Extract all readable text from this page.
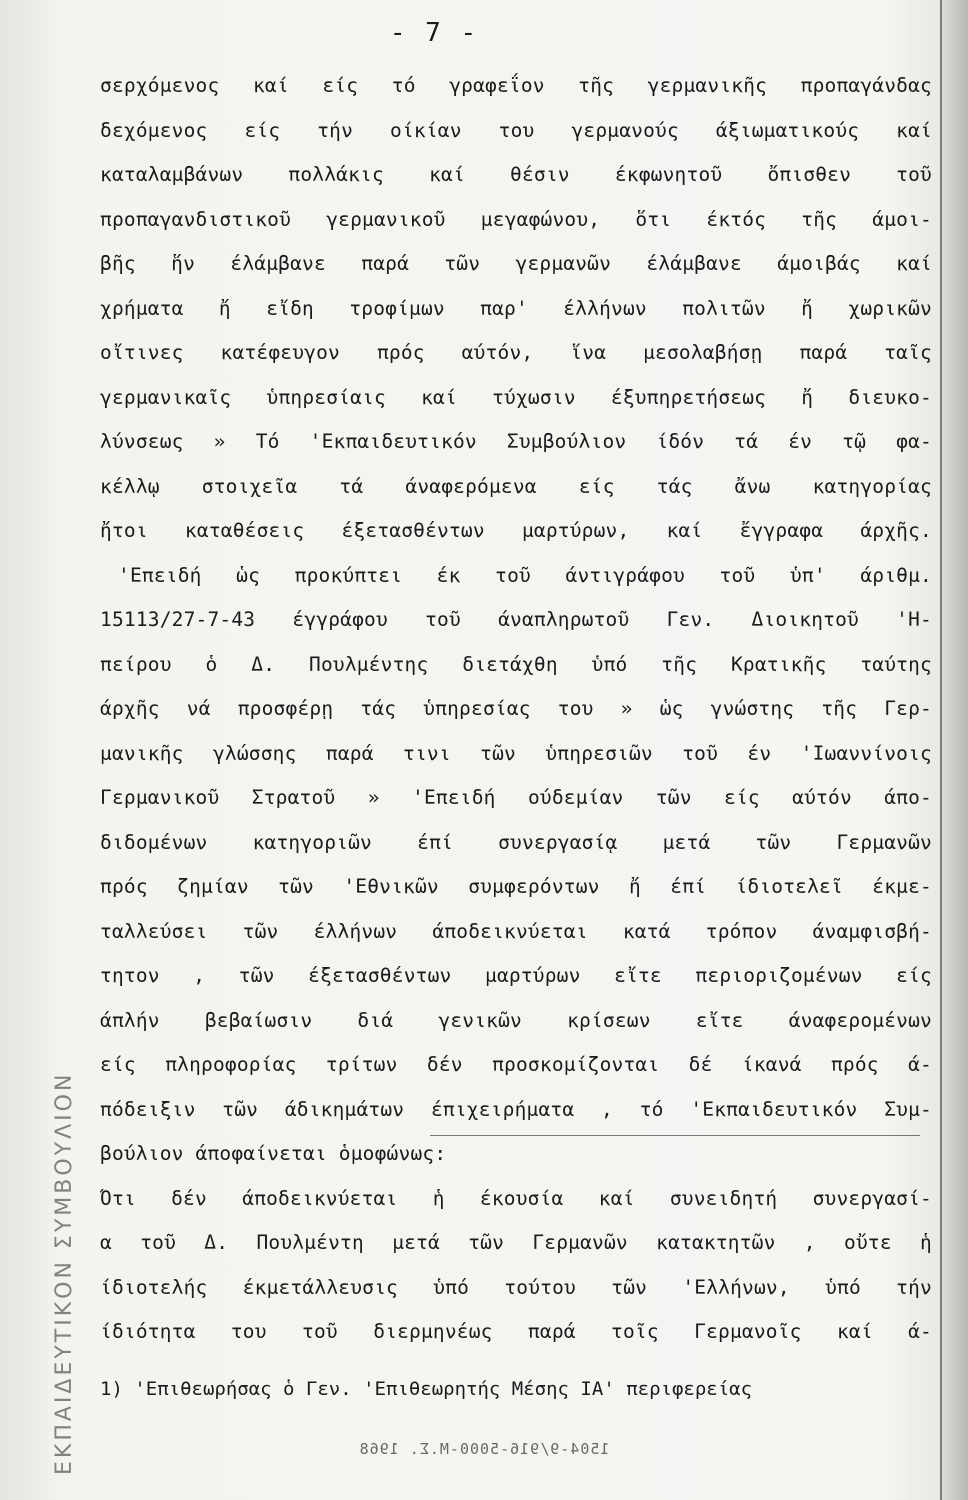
ΕΚΠΑΙΔΕΥΤΙΚΟΝ ΣΥΜΒΟΥΛΙΟΝ
- 7 -
σερχόμενος καί είς τό γραφεΐον τῆς γερμανικῆς προπαγάνδας
δεχόμενος είς τήν οίκίαν του γερμανούς άξιωματικούς καί
καταλαμβάνων πολλάκις καί θέσιν έκφωνητοῦ ὄπισθεν τοῦ
προπαγανδιστικοῦ γερμανικοῦ μεγαφώνου, ὅτι έκτός τῆς άμοι-
βῆς ἥν έλάμβανε παρά τῶν γερμανῶν έλάμβανε άμοιβάς καί
χρήματα ἤ εἴδη τροφίμων παρ' έλλήνων πολιτῶν ἤ χωρικῶν
οἴτινες κατέφευγον πρός αύτόν, ἵνα μεσολαβήσῃ παρά ταῖς
γερμανικαῖς ὑπηρεσίαις καί τύχωσιν έξυπηρετήσεως ἤ διευκο-
λύνσεως » Τό 'Εκπαιδευτικόν Συμβούλιον ίδόν τά έν τῷ φα-
κέλλῳ στοιχεῖα τά άναφερόμενα είς τάς ἄνω κατηγορίας
ἤτοι καταθέσεις έξετασθέντων μαρτύρων, καί ἔγγραφα άρχῆς.
'Επειδή ὡς προκύπτει έκ τοῦ άντιγράφου τοῦ ὑπ' άριθμ.
15113/27-7-43 έγγράφου τοῦ άναπληρωτοῦ Γεν. Διοικητοῦ 'Η-
πείρου ὁ Δ. Πουλμέντης διετάχθη ὑπό τῆς Κρατικῆς ταύτης
άρχῆς νά προσφέρῃ τάς ὑπηρεσίας του » ὡς γνώστης τῆς Γερ-
μανικῆς γλώσσης παρά τινι τῶν ὑπηρεσιῶν τοῦ έν 'Ιωαννίνοις
Γερμανικοῦ Στρατοῦ » 'Επειδή ούδεμίαν τῶν είς αύτόν άπο-
διδομένων κατηγοριῶν έπί συνεργασίᾳ μετά τῶν Γερμανῶν
πρός ζημίαν τῶν 'Εθνικῶν συμφερόντων ἤ έπί ίδιοτελεῖ έκμε-
ταλλεύσει τῶν έλλήνων άποδεικνύεται κατά τρόπον άναμφισβή-
τητον , τῶν έξετασθέντων μαρτύρων εἴτε περιοριζομένων είς
άπλήν βεβαίωσιν διά γενικῶν κρίσεων εἴτε άναφερομένων
είς πληροφορίας τρίτων δέν προσκομίζονται δέ ίκανά πρός ά-
πόδειξιν τῶν άδικημάτων έπιχειρήματα , τό 'Εκπαιδευτικόν Συμ-
βούλιον άποφαίνεται ὁμοφώνως:
Ὅτι δέν άποδεικνύεται ἡ έκουσία καί συνειδητή συνεργασί-
α τοῦ Δ. Πουλμέντη μετά τῶν Γερμανῶν κατακτητῶν , οὔτε ἡ
ίδιοτελής έκμετάλλευσις ὑπό τούτου τῶν 'Ελλήνων, ὑπό τήν
ίδιότητα του τοῦ διερμηνέως παρά τοῖς Γερμανοῖς καί ά-
1) 'Επιθεωρήσας ὁ Γεν. 'Επιθεωρητής Μέσης ΙΑ' περιφερείας
1504-9/916-5000-Μ.Σ. 1968
